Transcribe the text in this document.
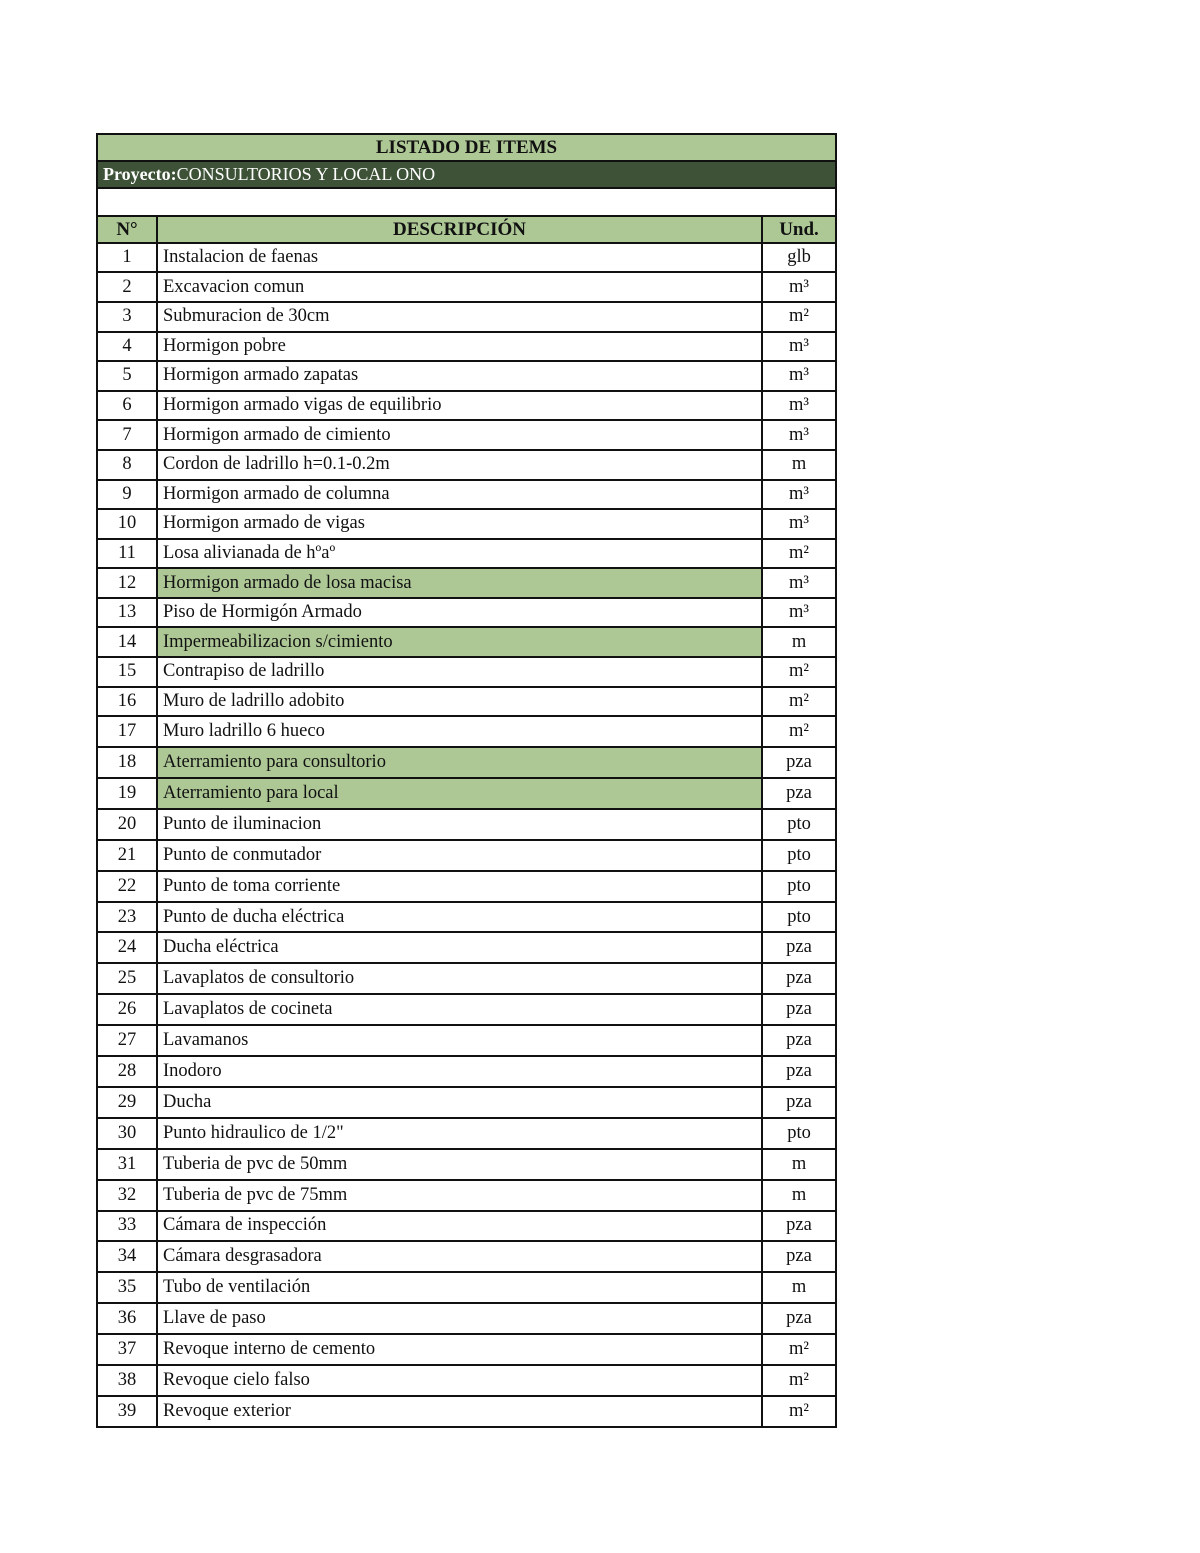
LISTADO DE ITEMS		
Proyecto:CONSULTORIOS Y LOCAL ONO		

N°	DESCRIPCIÓN	Und.
1	Instalacion de faenas	glb
2	Excavacion comun	m³
3	Submuracion de 30cm	m²
4	Hormigon pobre	m³
5	Hormigon armado zapatas	m³
6	Hormigon armado vigas de equilibrio	m³
7	Hormigon armado de cimiento	m³
8	Cordon de ladrillo h=0.1-0.2m	m
9	Hormigon armado de columna	m³
10	Hormigon armado de vigas	m³
11	Losa alivianada de hºaº	m²
12	Hormigon armado de losa macisa	m³
13	Piso de Hormigón Armado	m³
14	Impermeabilizacion s/cimiento	m
15	Contrapiso de ladrillo	m²
16	Muro de ladrillo adobito	m²
17	Muro ladrillo 6 hueco	m²
18	Aterramiento para consultorio	pza
19	Aterramiento para local	pza
20	Punto de iluminacion	pto
21	Punto de conmutador	pto
22	Punto de toma corriente	pto
23	Punto de ducha eléctrica	pto
24	Ducha eléctrica	pza
25	Lavaplatos de consultorio	pza
26	Lavaplatos de cocineta	pza
27	Lavamanos	pza
28	Inodoro	pza
29	Ducha	pza
30	Punto hidraulico de 1/2"	pto
31	Tuberia de pvc de 50mm	m
32	Tuberia de pvc de 75mm	m
33	Cámara de inspección	pza
34	Cámara desgrasadora	pza
35	Tubo de ventilación	m
36	Llave de paso	pza
37	Revoque interno de cemento	m²
38	Revoque cielo falso	m²
39	Revoque exterior	m²
